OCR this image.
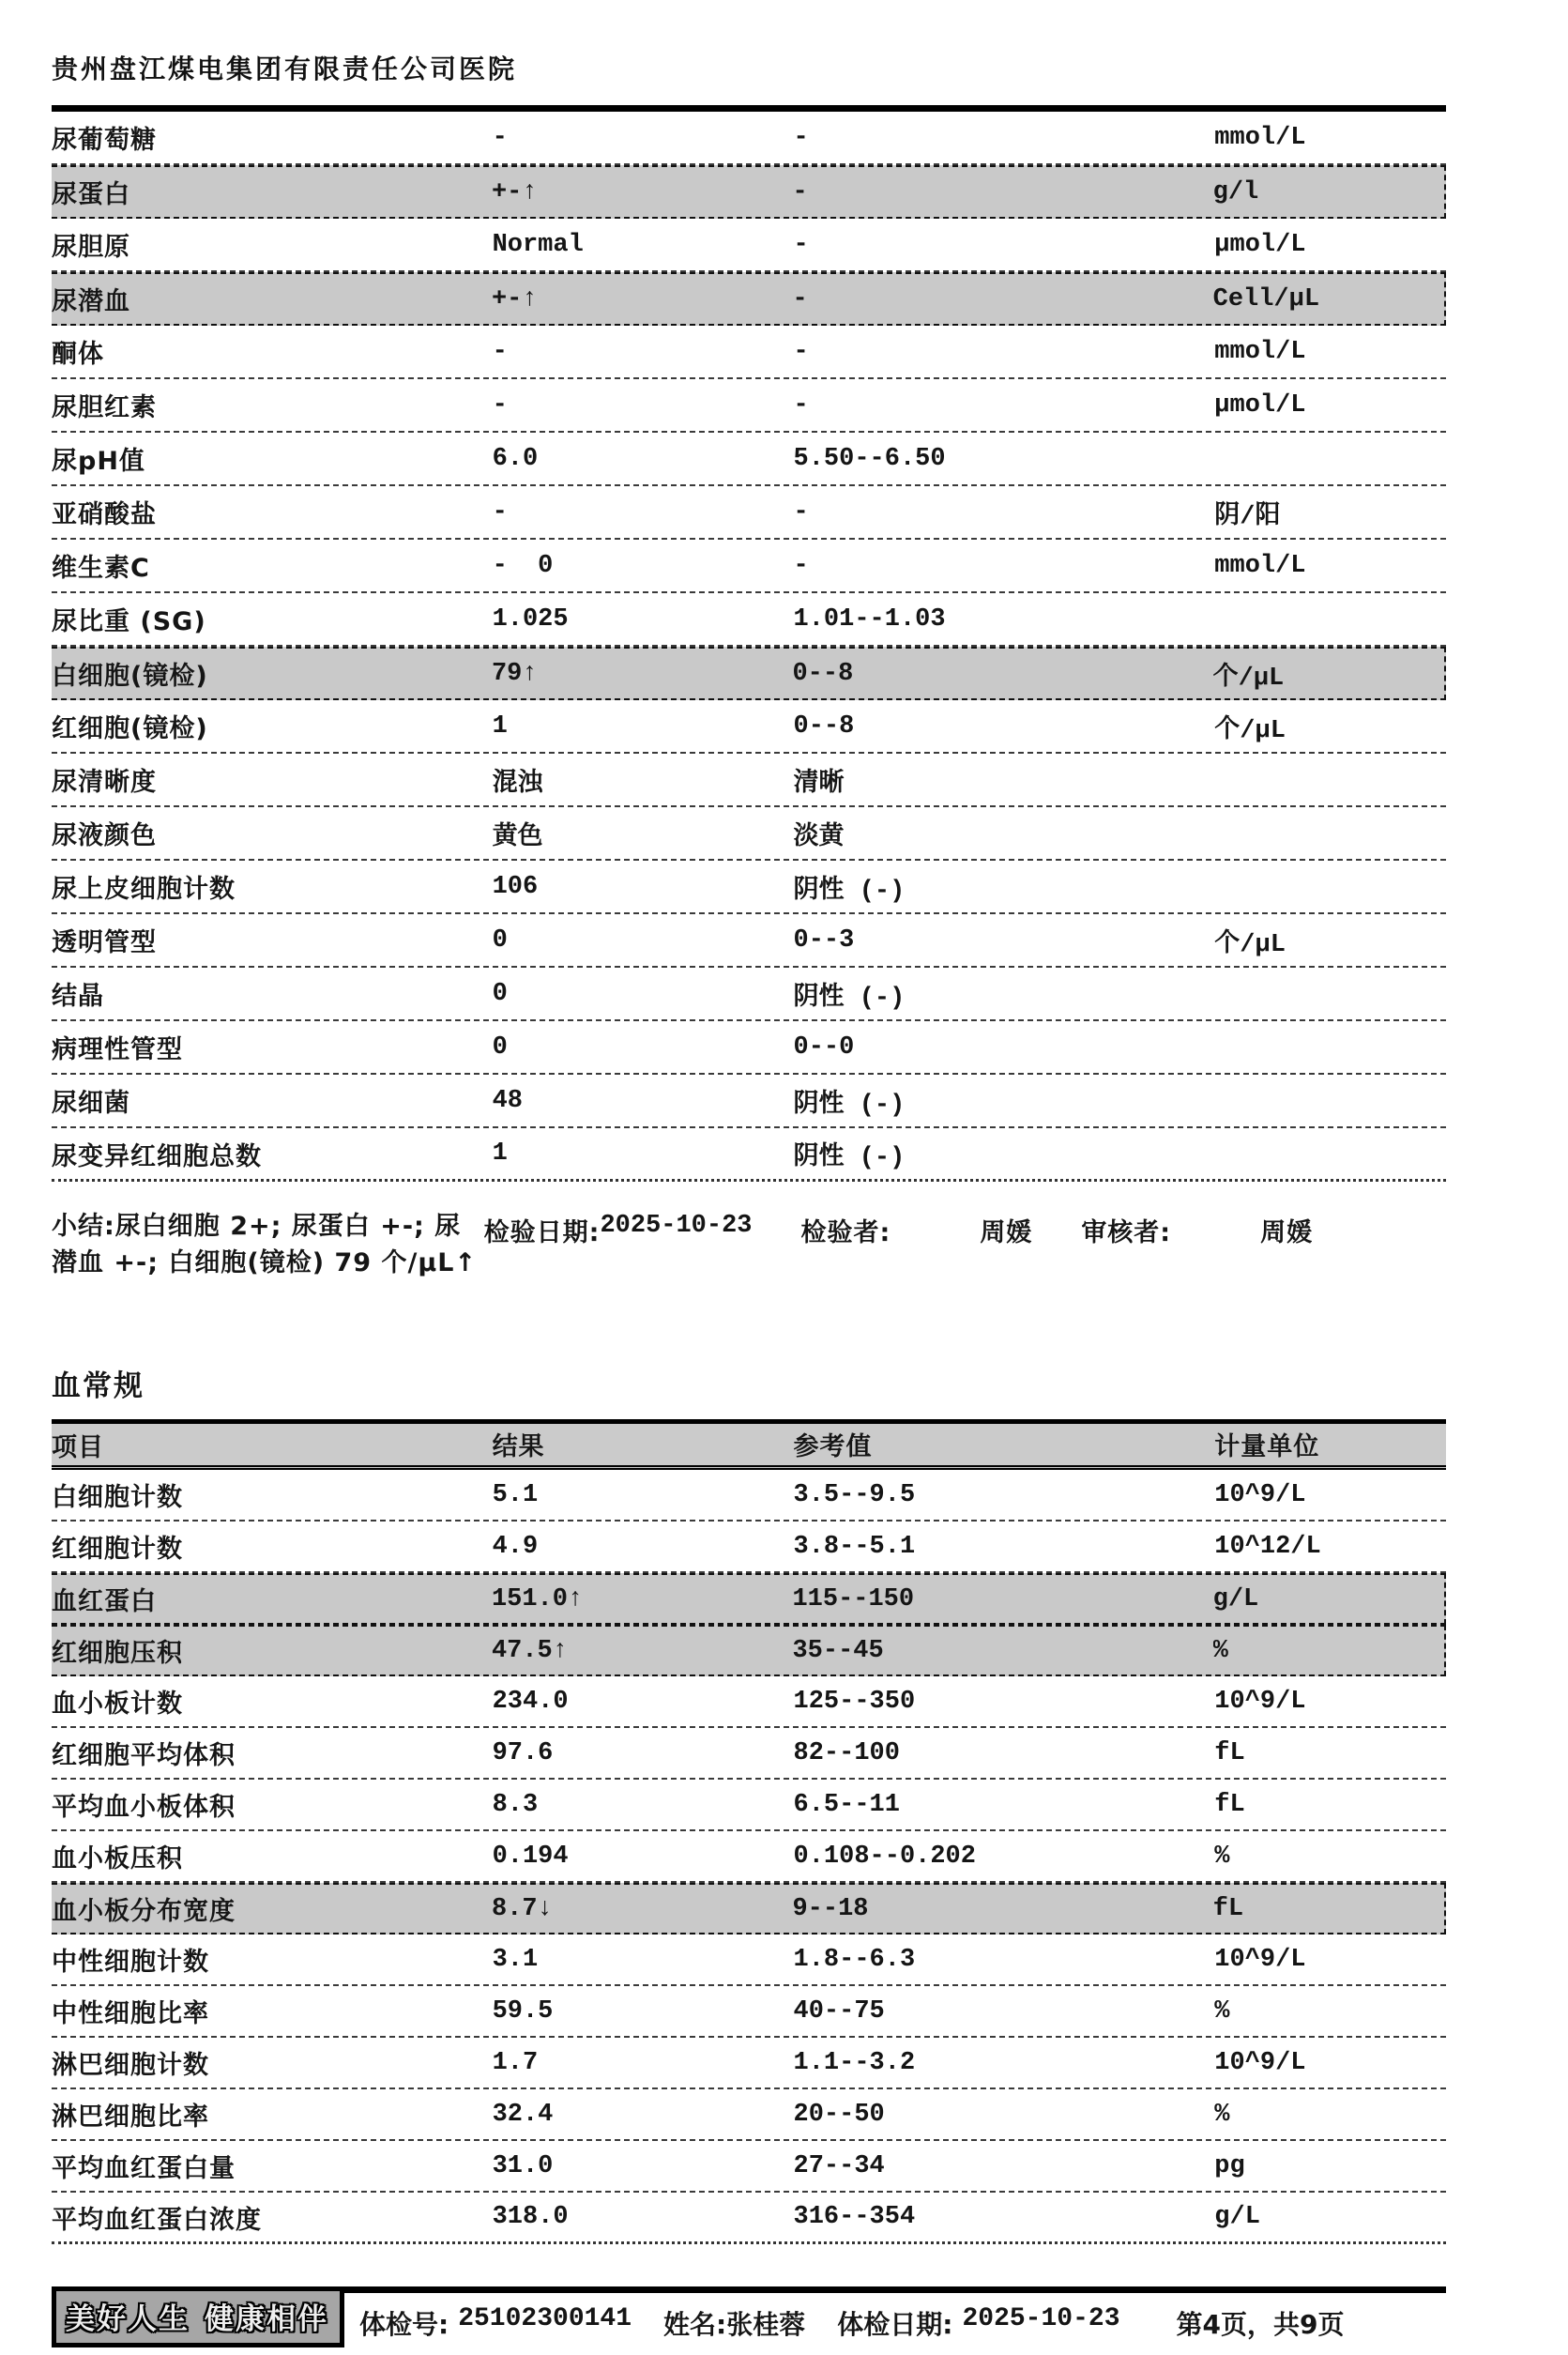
贵州盘江煤电集团有限责任公司医院
尿葡萄糖	-	-	mmol/L
尿蛋白	+-↑	-	g/l
尿胆原	Normal	-	μmol/L
尿潜血	+-↑	-	Cell/μL
酮体	-	-	mmol/L
尿胆红素	-	-	μmol/L
尿pH值	6.0	5.50--6.50
亚硝酸盐	-	-	阴/阳
维生素C	-  0	-	mmol/L
尿比重 (SG)	1.025	1.01--1.03
白细胞(镜检)	79↑	0--8	个/μL
红细胞(镜检)	1	0--8	个/μL
尿清晰度	混浊	清晰
尿液颜色	黄色	淡黄
尿上皮细胞计数	106	阴性 (-)
透明管型	0	0--3	个/μL
结晶	0	阴性 (-)
病理性管型	0	0--0
尿细菌	48	阴性 (-)
尿变异红细胞总数	1	阴性 (-)
小结:尿白细胞 2+; 尿蛋白 +-; 尿潜血 +-; 白细胞(镜检) 79 个/μL↑
检验日期: 2025-10-23 检验者:	周媛 审核者:	周媛
血常规
项目	结果	参考值	计量单位
白细胞计数	5.1	3.5--9.5	10^9/L
红细胞计数	4.9	3.8--5.1	10^12/L
血红蛋白	151.0↑	115--150	g/L
红细胞压积	47.5↑	35--45	%
血小板计数	234.0	125--350	10^9/L
红细胞平均体积	97.6	82--100	fL
平均血小板体积	8.3	6.5--11	fL
血小板压积	0.194	0.108--0.202	%
血小板分布宽度	8.7↓	9--18	fL
中性细胞计数	3.1	1.8--6.3	10^9/L
中性细胞比率	59.5	40--75	%
淋巴细胞计数	1.7	1.1--3.2	10^9/L
淋巴细胞比率	32.4	20--50	%
平均血红蛋白量	31.0	27--34	pg
平均血红蛋白浓度	318.0	316--354	g/L
美好人生 健康相伴 体检号: 25102300141 姓名: 张桂蓉 体检日期: 2025-10-23 第4页，共9页
